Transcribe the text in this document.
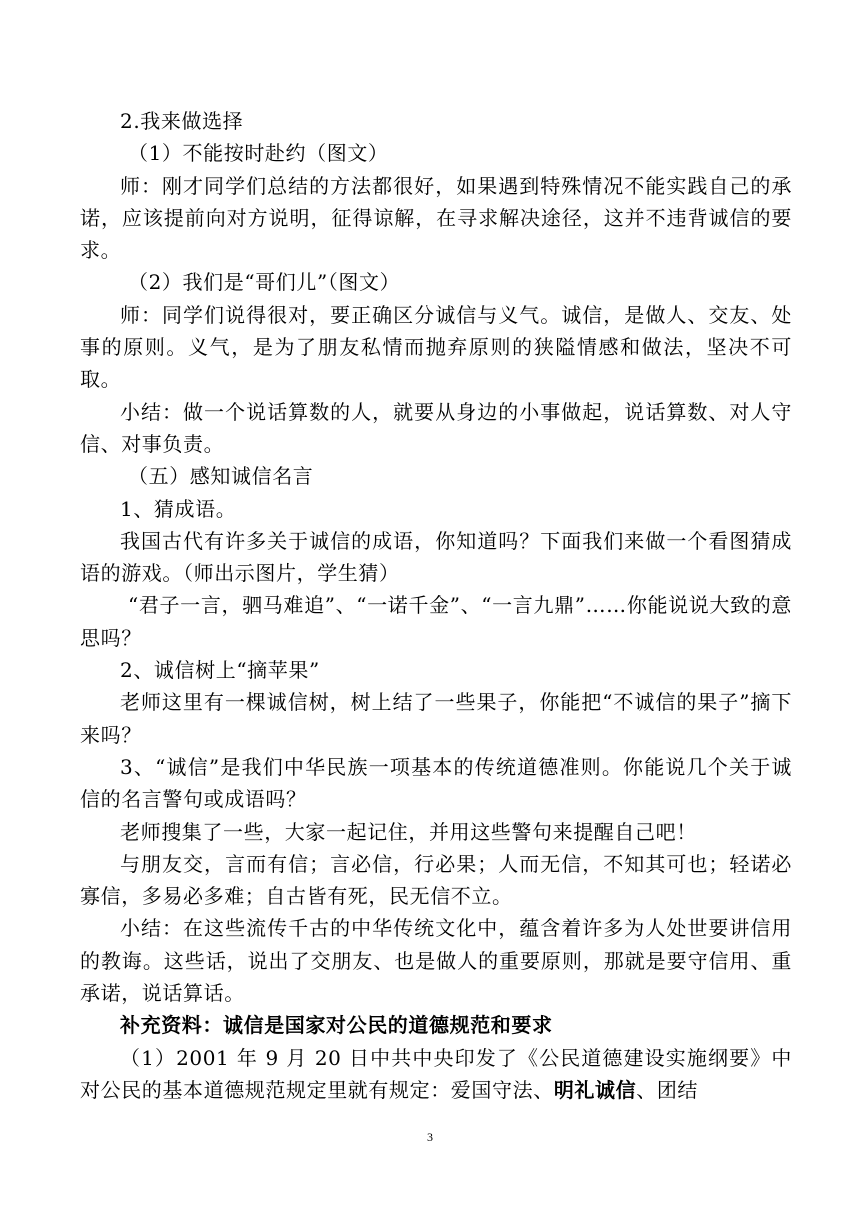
2.我来做选择

（1）不能按时赴约（图文）

师：刚才同学们总结的方法都很好，如果遇到特殊情况不能实践自己的承诺，应该提前向对方说明，征得谅解，在寻求解决途径，这并不违背诚信的要求。

（2）我们是“哥们儿”（图文）

师：同学们说得很对，要正确区分诚信与义气。诚信，是做人、交友、处事的原则。义气，是为了朋友私情而抛弃原则的狭隘情感和做法，坚决不可取。

小结：做一个说话算数的人，就要从身边的小事做起，说话算数、对人守信、对事负责。

（五）感知诚信名言

1、猜成语。

我国古代有许多关于诚信的成语，你知道吗？下面我们来做一个看图猜成语的游戏。（师出示图片，学生猜）

“君子一言，驷马难追”、“一诺千金”、“一言九鼎”……你能说说大致的意思吗？

2、诚信树上“摘苹果”

老师这里有一棵诚信树，树上结了一些果子，你能把“不诚信的果子”摘下来吗？

3、“诚信”是我们中华民族一项基本的传统道德准则。你能说几个关于诚信的名言警句或成语吗？

老师搜集了一些，大家一起记住，并用这些警句来提醒自己吧！

与朋友交，言而有信；言必信，行必果；人而无信，不知其可也；轻诺必寡信，多易必多难；自古皆有死，民无信不立。

小结：在这些流传千古的中华传统文化中，蕴含着许多为人处世要讲信用的教诲。这些话，说出了交朋友、也是做人的重要原则，那就是要守信用、重承诺，说话算话。

补充资料：诚信是国家对公民的道德规范和要求

（1）2001 年 9 月 20 日中共中央印发了《公民道德建设实施纲要》中对公民的基本道德规范规定里就有规定：爱国守法、明礼诚信、团结

3
